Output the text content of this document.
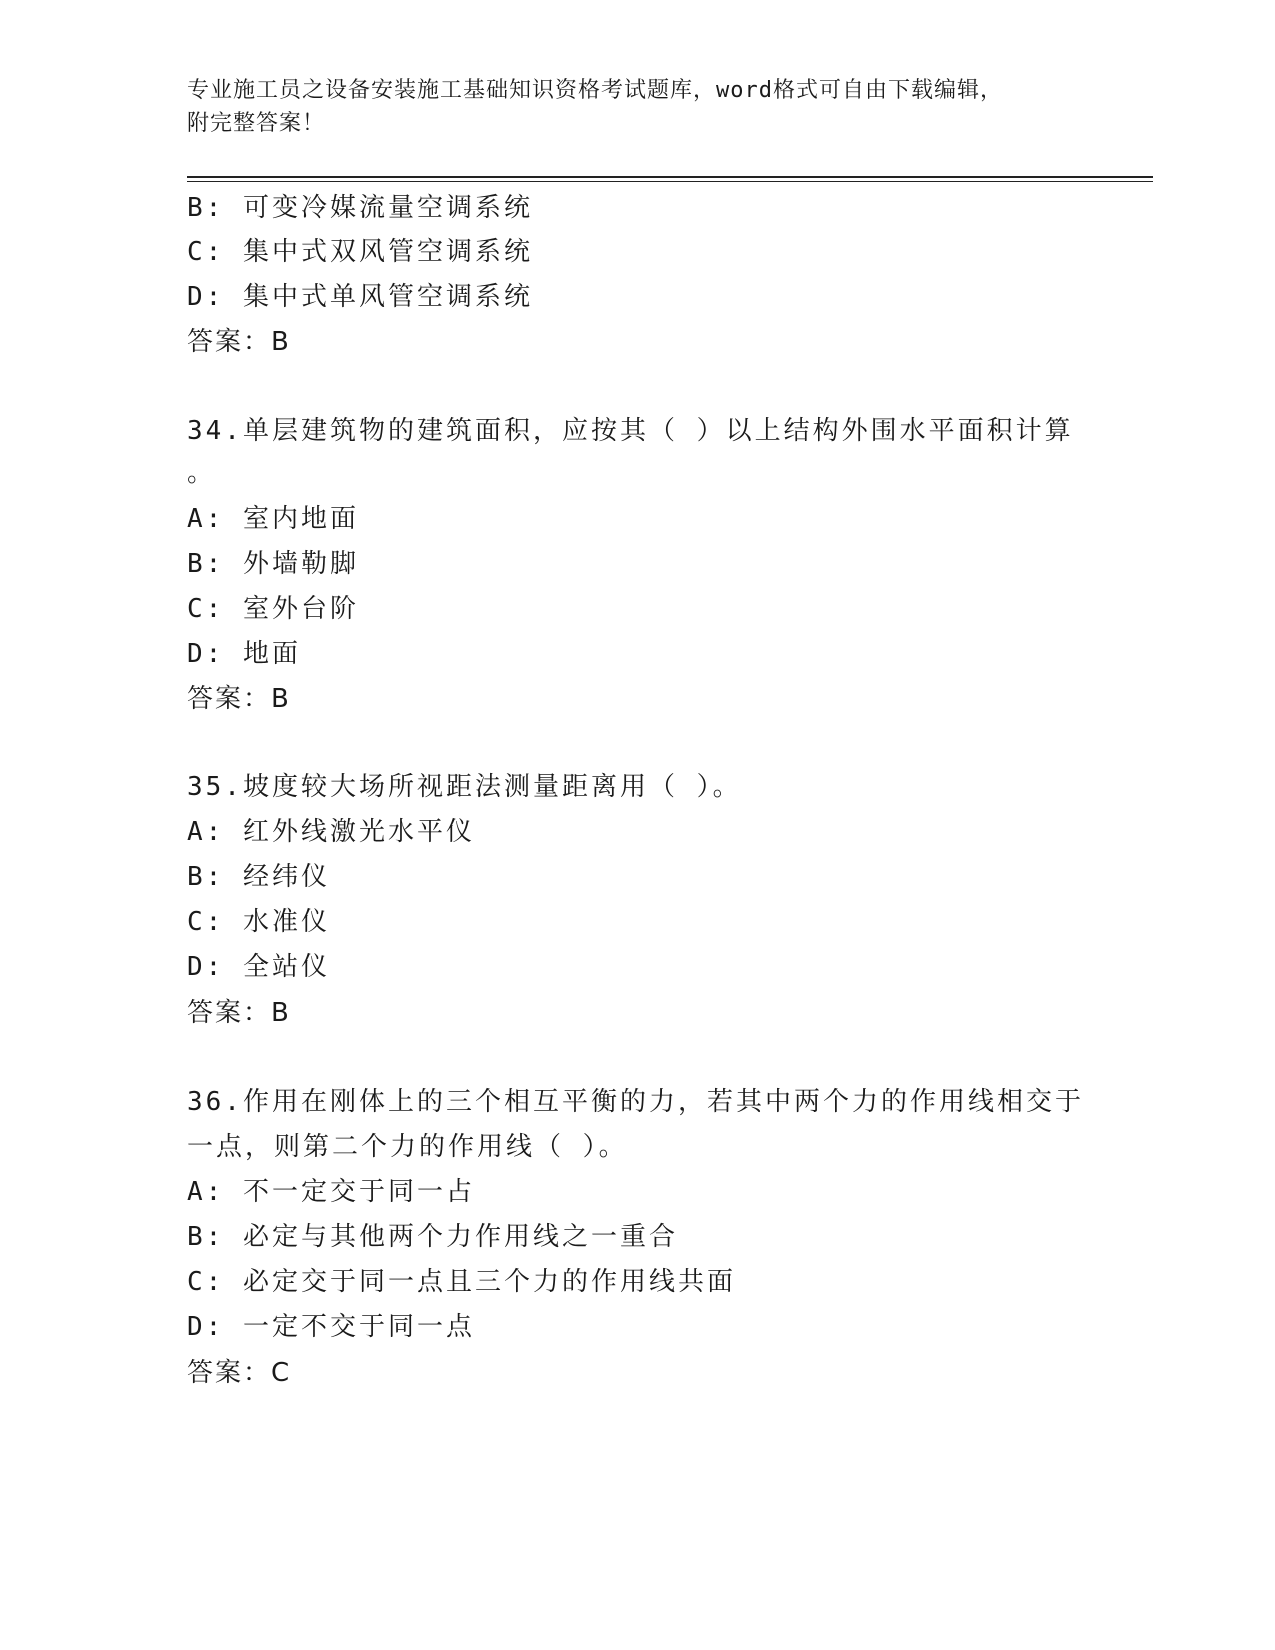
专业施工员之设备安装施工基础知识资格考试题库，word格式可自由下载编辑，
附完整答案！
B: 可变冷媒流量空调系统
C: 集中式双风管空调系统
D: 集中式单风管空调系统
答案：B
34.单层建筑物的建筑面积，应按其（ ）以上结构外围水平面积计算
。
A: 室内地面
B: 外墙勒脚
C: 室外台阶
D: 地面
答案：B
35.坡度较大场所视距法测量距离用（ ）。
A: 红外线激光水平仪
B: 经纬仪
C: 水准仪
D: 全站仪
答案：B
36.作用在刚体上的三个相互平衡的力，若其中两个力的作用线相交于
一点，则第二个力的作用线（ ）。
A: 不一定交于同一占
B: 必定与其他两个力作用线之一重合
C: 必定交于同一点且三个力的作用线共面
D: 一定不交于同一点
答案：C
